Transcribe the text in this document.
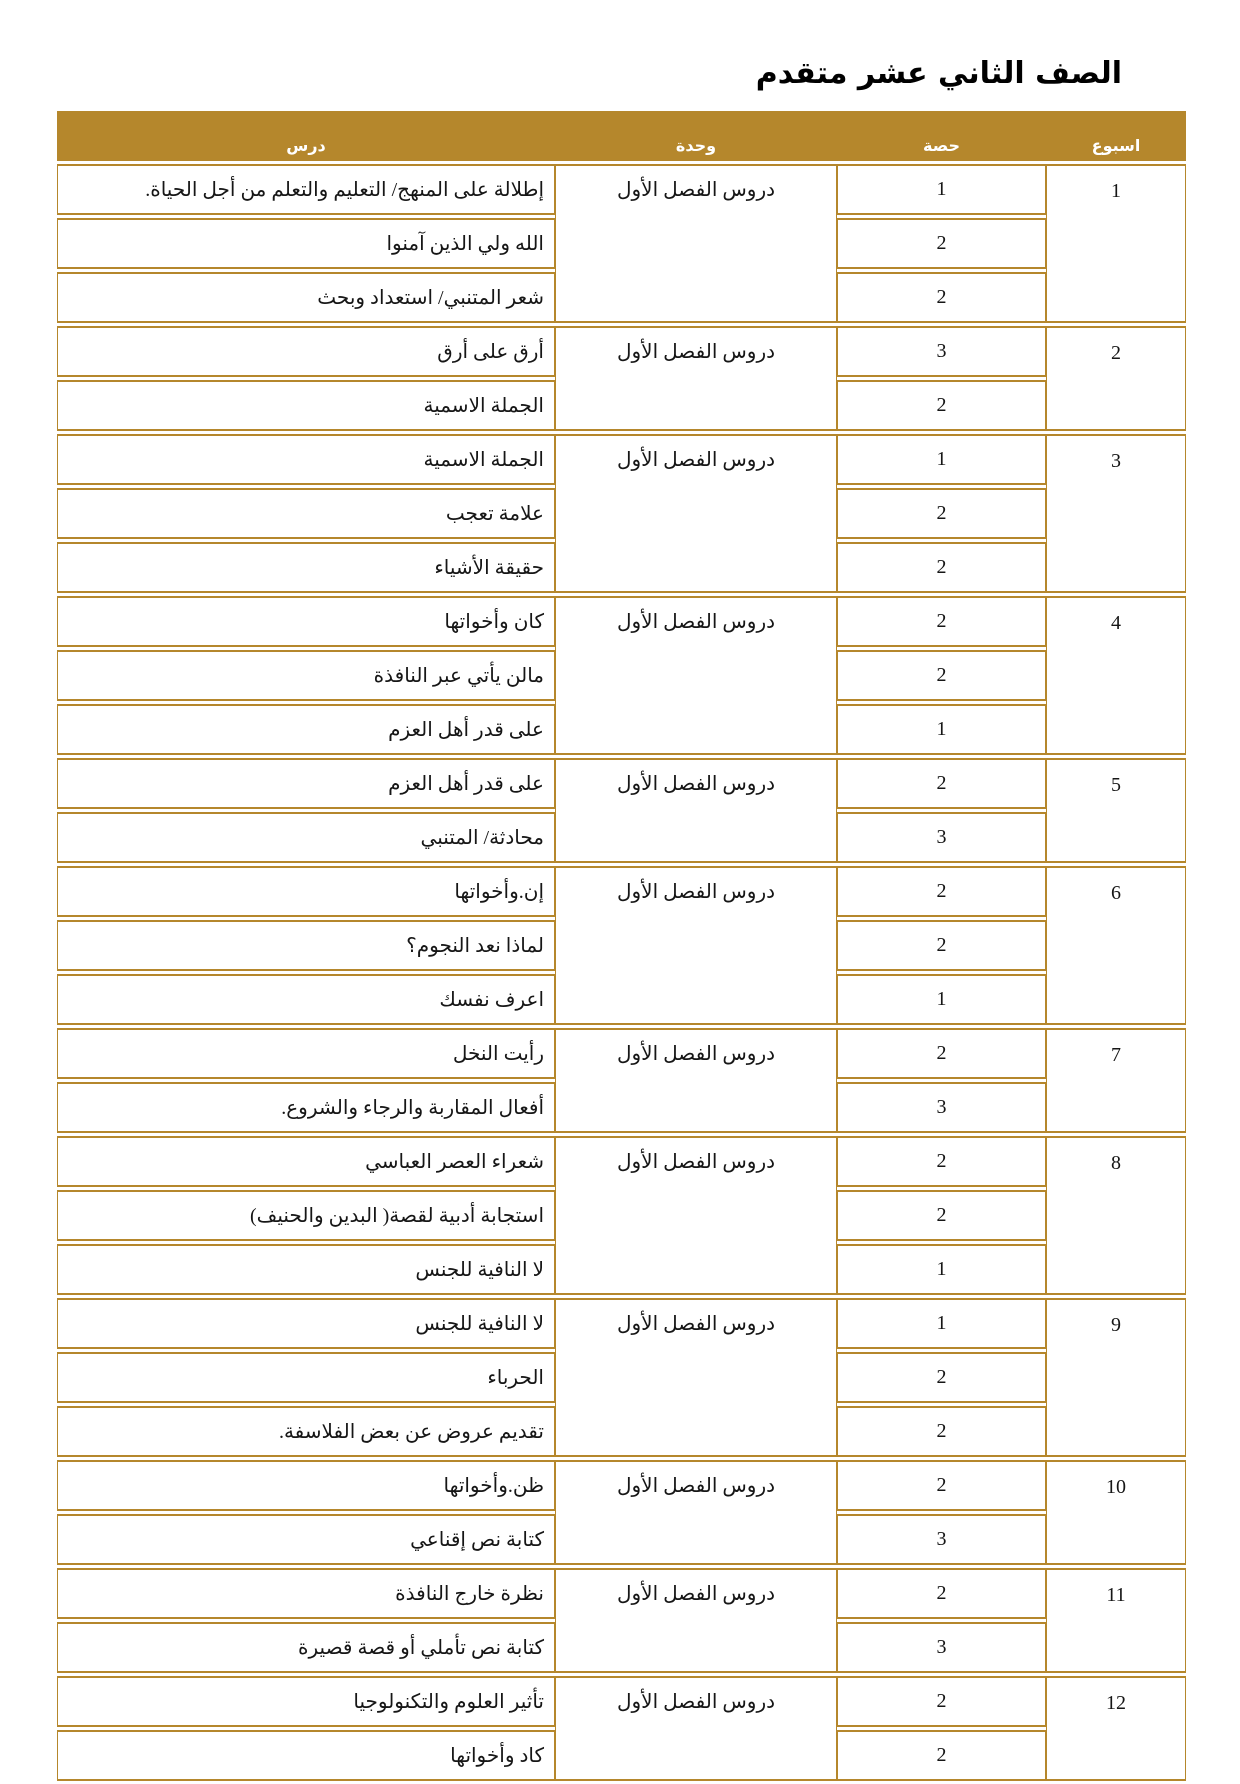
الصف الثاني عشر متقدم
اسبوع	حصة	وحدة	درس
1	1	دروس الفصل الأول	إطلالة على المنهج/ التعليم والتعلم من أجل الحياة.
	2		الله ولي الذين آمنوا
	2		شعر المتنبي/ استعداد وبحث
2	3	دروس الفصل الأول	أرق على أرق
	2		الجملة الاسمية
3	1	دروس الفصل الأول	الجملة الاسمية
	2		علامة تعجب
	2		حقيقة الأشياء
4	2	دروس الفصل الأول	كان وأخواتها
	2		مالن يأتي عبر النافذة
	1		على قدر أهل العزم
5	2	دروس الفصل الأول	على قدر أهل العزم
	3		محادثة/ المتنبي
6	2	دروس الفصل الأول	إن.وأخواتها
	2		لماذا نعد النجوم؟
	1		اعرف نفسك
7	2	دروس الفصل الأول	رأيت النخل
	3		أفعال المقاربة والرجاء والشروع.
8	2	دروس الفصل الأول	شعراء العصر العباسي
	2		استجابة أدبية لقصة( البدين والحنيف)
	1		لا النافية للجنس
9	1	دروس الفصل الأول	لا النافية للجنس
	2		الحرباء
	2		تقديم عروض عن بعض الفلاسفة.
10	2	دروس الفصل الأول	ظن.وأخواتها
	3		كتابة نص إقناعي
11	2	دروس الفصل الأول	نظرة خارج النافذة
	3		كتابة نص تأملي أو قصة قصيرة
12	2	دروس الفصل الأول	تأثير العلوم والتكنولوجيا
	2		كاد وأخواتها
